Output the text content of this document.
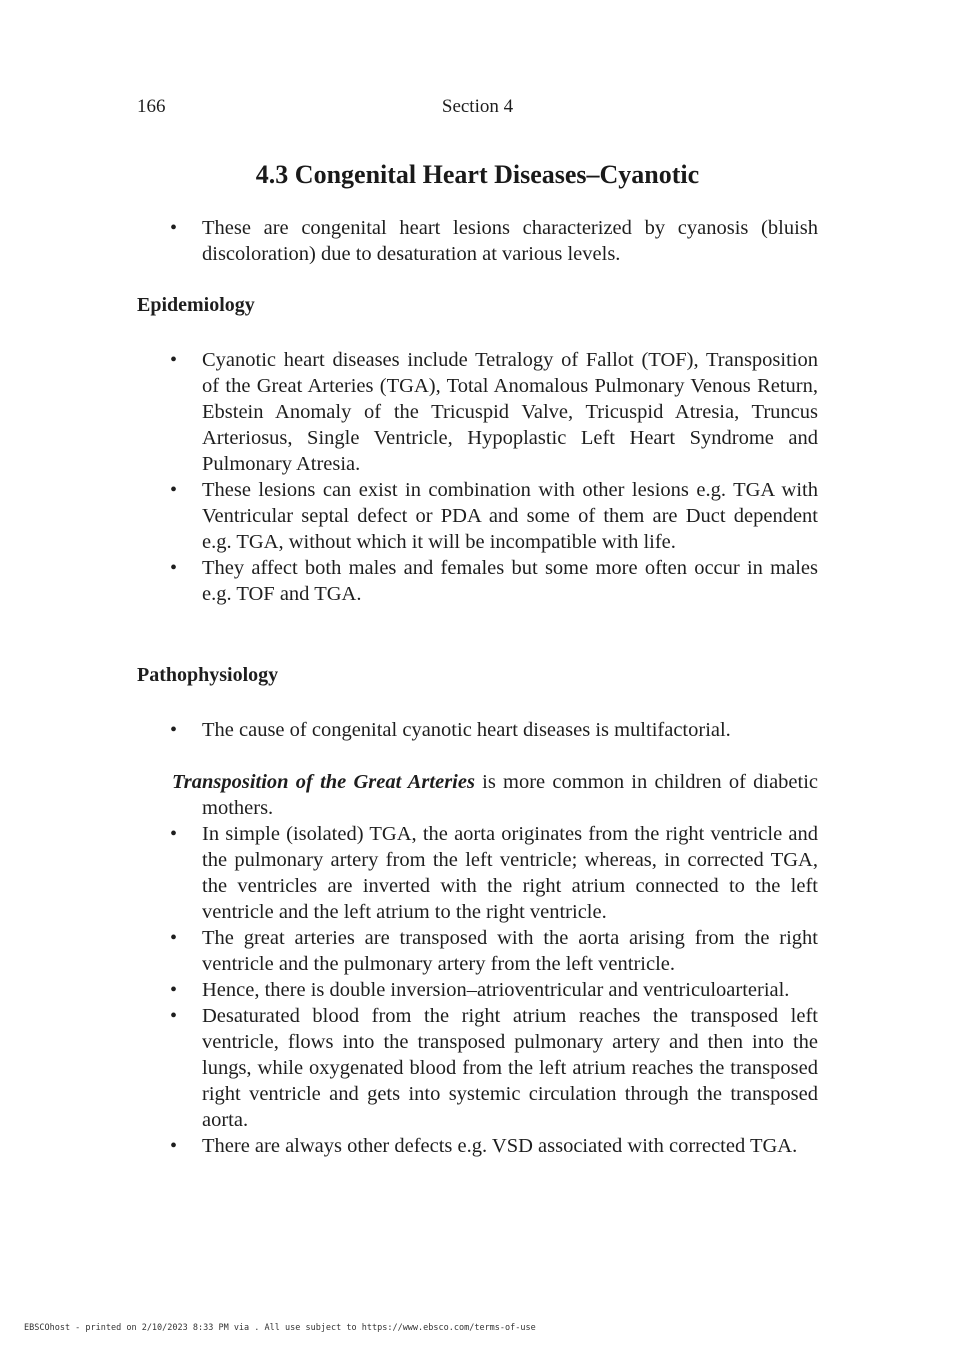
166	Section 4
4.3 Congenital Heart Diseases–Cyanotic
• These are congenital heart lesions characterized by cyanosis (bluish discoloration) due to desaturation at various levels.
Epidemiology
• Cyanotic heart diseases include Tetralogy of Fallot (TOF), Transposition of the Great Arteries (TGA), Total Anomalous Pulmonary Venous Return, Ebstein Anomaly of the Tricuspid Valve, Tricuspid Atresia, Truncus Arteriosus, Single Ventricle, Hypoplastic Left Heart Syndrome and Pulmonary Atresia.
• These lesions can exist in combination with other lesions e.g. TGA with Ventricular septal defect or PDA and some of them are Duct dependent e.g. TGA, without which it will be incompatible with life.
• They affect both males and females but some more often occur in males e.g. TOF and TGA.
Pathophysiology
• The cause of congenital cyanotic heart diseases is multifactorial.

Transposition of the Great Arteries is more common in children of diabetic mothers.

• In simple (isolated) TGA, the aorta originates from the right ventricle and the pulmonary artery from the left ventricle; whereas, in corrected TGA, the ventricles are inverted with the right atrium connected to the left ventricle and the left atrium to the right ventricle.
• The great arteries are transposed with the aorta arising from the right ventricle and the pulmonary artery from the left ventricle.
• Hence, there is double inversion–atrioventricular and ventriculoarterial.
• Desaturated blood from the right atrium reaches the transposed left ventricle, flows into the transposed pulmonary artery and then into the lungs, while oxygenated blood from the left atrium reaches the transposed right ventricle and gets into systemic circulation through the transposed aorta.
• There are always other defects e.g. VSD associated with corrected TGA.
EBSCOhost - printed on 2/10/2023 8:33 PM via . All use subject to https://www.ebsco.com/terms-of-use
